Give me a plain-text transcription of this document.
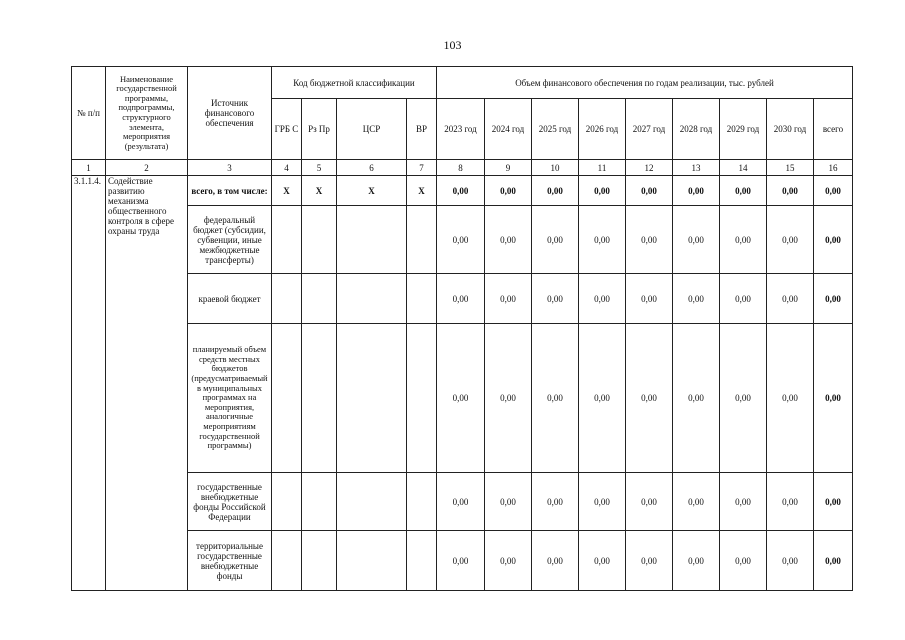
103
№ п/п	Наименование государственной программы, подпрограммы, структурного элемента, мероприятия (результата)	Источник финансового обеспечения	Код бюджетной классификации				Объем финансового обеспечения по годам реализации, тыс. рублей								
			ГРБ С	Рз Пр	ЦСР	ВР	2023 год	2024 год	2025 год	2026 год	2027 год	2028 год	2029 год	2030 год	всего
1	2	3	4	5	6	7	8	9	10	11	12	13	14	15	16
3.1.1.4.	Содействие развитию механизма общественного контроля в сфере охраны труда	всего, в том числе:	X	X	X	X	0,00	0,00	0,00	0,00	0,00	0,00	0,00	0,00	0,00
		федеральный бюджет (субсидии, субвенции, иные межбюджетные трансферты)					0,00	0,00	0,00	0,00	0,00	0,00	0,00	0,00	0,00
		краевой бюджет					0,00	0,00	0,00	0,00	0,00	0,00	0,00	0,00	0,00
		планируемый объем средств местных бюджетов (предусматриваемый в муниципальных программах на мероприятия, аналогичные мероприятиям государственной программы)					0,00	0,00	0,00	0,00	0,00	0,00	0,00	0,00	0,00
		государственные внебюджетные фонды Российской Федерации					0,00	0,00	0,00	0,00	0,00	0,00	0,00	0,00	0,00
		территориальные государственные внебюджетные фонды					0,00	0,00	0,00	0,00	0,00	0,00	0,00	0,00	0,00
